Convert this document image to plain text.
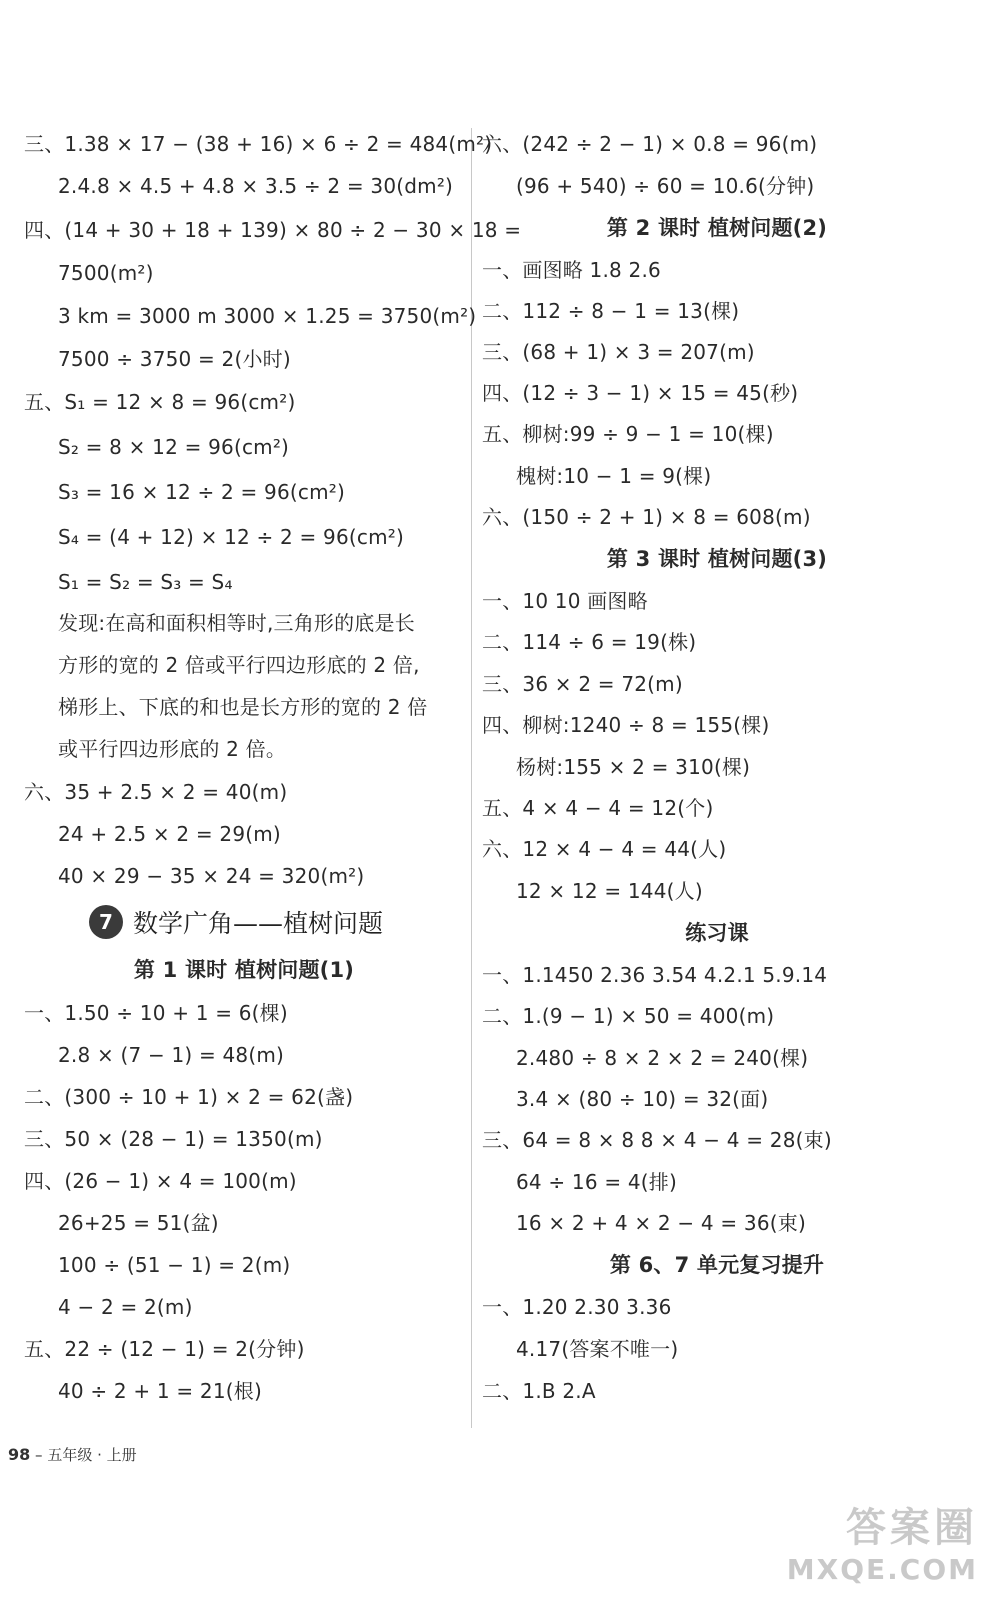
三、1.38 × 17 − (38 + 16) × 6 ÷ 2 = 484(m²)
2.4.8 × 4.5 + 4.8 × 3.5 ÷ 2 = 30(dm²)
四、(14 + 30 + 18 + 139) × 80 ÷ 2 − 30 × 18 =
7500(m²)
3 km = 3000 m 3000 × 1.25 = 3750(m²)
7500 ÷ 3750 = 2(小时)
五、S₁ = 12 × 8 = 96(cm²)
S₂ = 8 × 12 = 96(cm²)
S₃ = 16 × 12 ÷ 2 = 96(cm²)
S₄ = (4 + 12) × 12 ÷ 2 = 96(cm²)
S₁ = S₂ = S₃ = S₄
发现:在高和面积相等时,三角形的底是长
方形的宽的 2 倍或平行四边形底的 2 倍,
梯形上、下底的和也是长方形的宽的 2 倍
或平行四边形底的 2 倍。
六、35 + 2.5 × 2 = 40(m)
24 + 2.5 × 2 = 29(m)
40 × 29 − 35 × 24 = 320(m²)
7 数学广角——植树问题
第 1 课时 植树问题(1)
一、1.50 ÷ 10 + 1 = 6(棵)
2.8 × (7 − 1) = 48(m)
二、(300 ÷ 10 + 1) × 2 = 62(盏)
三、50 × (28 − 1) = 1350(m)
四、(26 − 1) × 4 = 100(m)
26+25 = 51(盆)
100 ÷ (51 − 1) = 2(m)
4 − 2 = 2(m)
五、22 ÷ (12 − 1) = 2(分钟)
40 ÷ 2 + 1 = 21(根)
六、(242 ÷ 2 − 1) × 0.8 = 96(m)
(96 + 540) ÷ 60 = 10.6(分钟)
第 2 课时 植树问题(2)
一、画图略 1.8 2.6
二、112 ÷ 8 − 1 = 13(棵)
三、(68 + 1) × 3 = 207(m)
四、(12 ÷ 3 − 1) × 15 = 45(秒)
五、柳树:99 ÷ 9 − 1 = 10(棵)
槐树:10 − 1 = 9(棵)
六、(150 ÷ 2 + 1) × 8 = 608(m)
第 3 课时 植树问题(3)
一、10 10 画图略
二、114 ÷ 6 = 19(株)
三、36 × 2 = 72(m)
四、柳树:1240 ÷ 8 = 155(棵)
杨树:155 × 2 = 310(棵)
五、4 × 4 − 4 = 12(个)
六、12 × 4 − 4 = 44(人)
12 × 12 = 144(人)
练习课
一、1.1450 2.36 3.54 4.2.1 5.9.14
二、1.(9 − 1) × 50 = 400(m)
2.480 ÷ 8 × 2 × 2 = 240(棵)
3.4 × (80 ÷ 10) = 32(面)
三、64 = 8 × 8 8 × 4 − 4 = 28(束)
64 ÷ 16 = 4(排)
16 × 2 + 4 × 2 − 4 = 36(束)
第 6、7 单元复习提升
一、1.20 2.30 3.36
4.17(答案不唯一)
二、1.B 2.A
98 – 五年级 · 上册
答案圈
MXQE.COM
